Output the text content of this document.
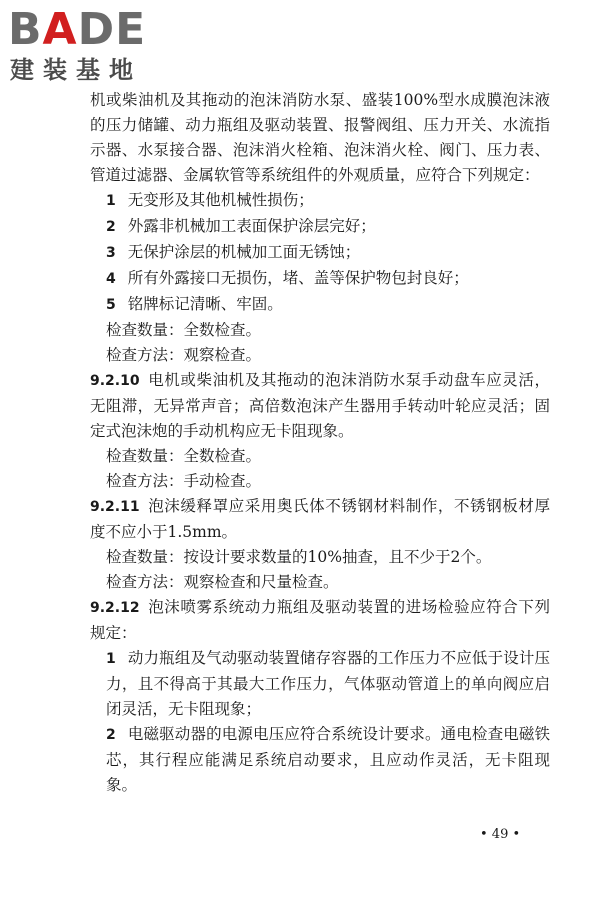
BADE
建装基地

机或柴油机及其拖动的泡沫消防水泵、盛装100%型水成膜泡沫液的压力储罐、动力瓶组及驱动装置、报警阀组、压力开关、水流指示器、水泵接合器、泡沫消火栓箱、泡沫消火栓、阀门、压力表、管道过滤器、金属软管等系统组件的外观质量，应符合下列规定：

1 无变形及其他机械性损伤；

2 外露非机械加工表面保护涂层完好；

3 无保护涂层的机械加工面无锈蚀；

4 所有外露接口无损伤，堵、盖等保护物包封良好；

5 铭牌标记清晰、牢固。

检查数量：全数检查。

检查方法：观察检查。

9.2.10 电机或柴油机及其拖动的泡沫消防水泵手动盘车应灵活，无阻滞，无异常声音；高倍数泡沫产生器用手转动叶轮应灵活；固定式泡沫炮的手动机构应无卡阻现象。

检查数量：全数检查。

检查方法：手动检查。

9.2.11 泡沫缓释罩应采用奥氏体不锈钢材料制作，不锈钢板材厚度不应小于1.5mm。

检查数量：按设计要求数量的10%抽查，且不少于2个。

检查方法：观察检查和尺量检查。

9.2.12 泡沫喷雾系统动力瓶组及驱动装置的进场检验应符合下列规定：

1 动力瓶组及气动驱动装置储存容器的工作压力不应低于设计压力，且不得高于其最大工作压力，气体驱动管道上的单向阀应启闭灵活，无卡阻现象；

2 电磁驱动器的电源电压应符合系统设计要求。通电检查电磁铁芯，其行程应能满足系统启动要求，且应动作灵活，无卡阻现象。

• 49 •
